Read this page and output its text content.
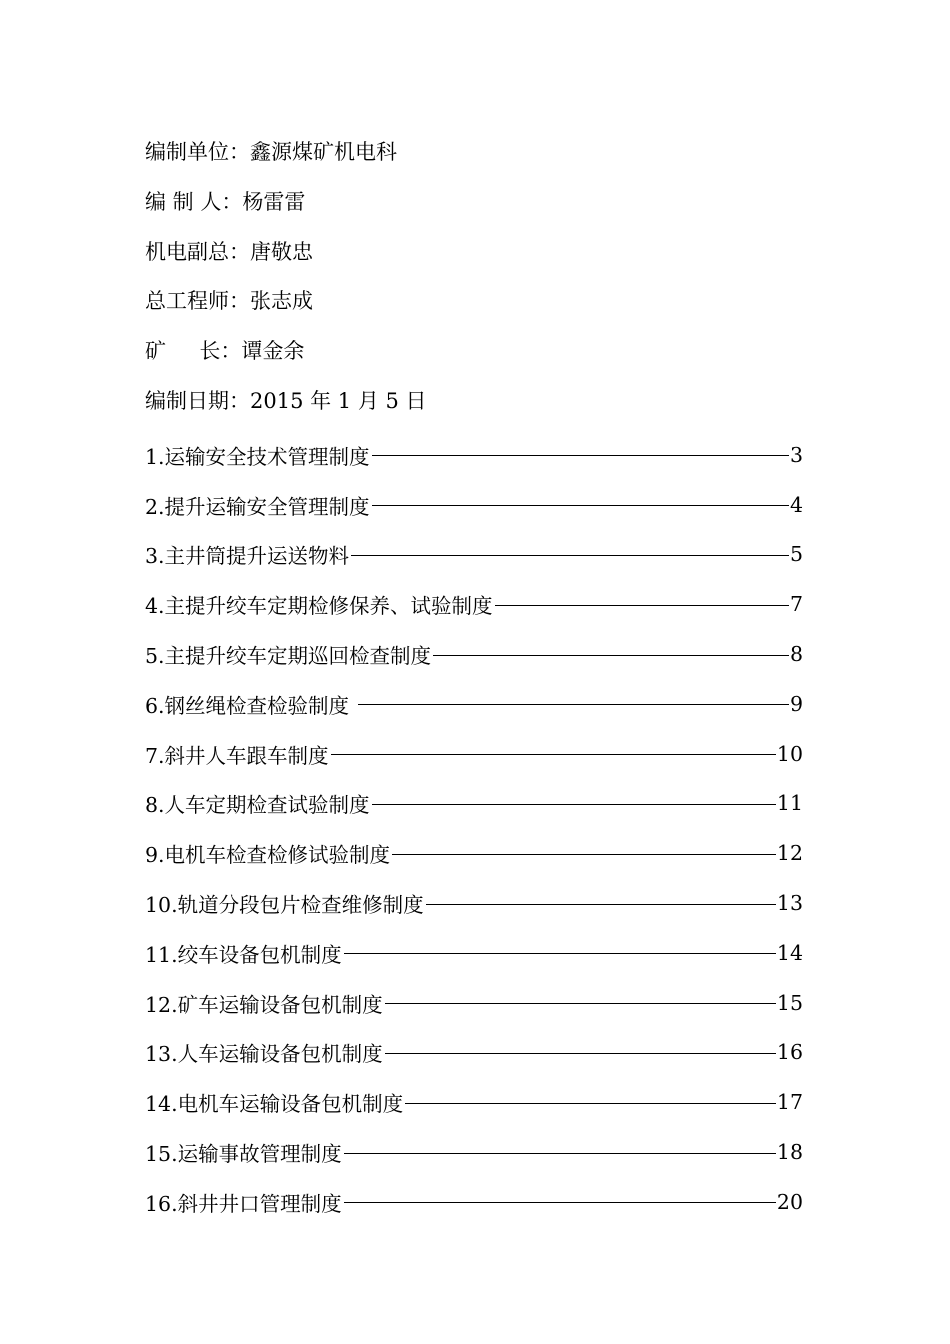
编制单位：鑫源煤矿机电科
编 制 人：杨雷雷
机电副总：唐敬忠
总工程师：张志成
矿     长：谭金余
编制日期：2015 年 1 月 5 日
1.运输安全技术管理制度	3
2.提升运输安全管理制度	4
3.主井筒提升运送物料	5
4.主提升绞车定期检修保养、试验制度	7
5.主提升绞车定期巡回检查制度	8
6.钢丝绳检查检验制度	9
7.斜井人车跟车制度	10
8.人车定期检查试验制度	11
9.电机车检查检修试验制度	12
10.轨道分段包片检查维修制度	13
11.绞车设备包机制度	14
12.矿车运输设备包机制度	15
13.人车运输设备包机制度	16
14.电机车运输设备包机制度	17
15.运输事故管理制度	18
16.斜井井口管理制度	20
